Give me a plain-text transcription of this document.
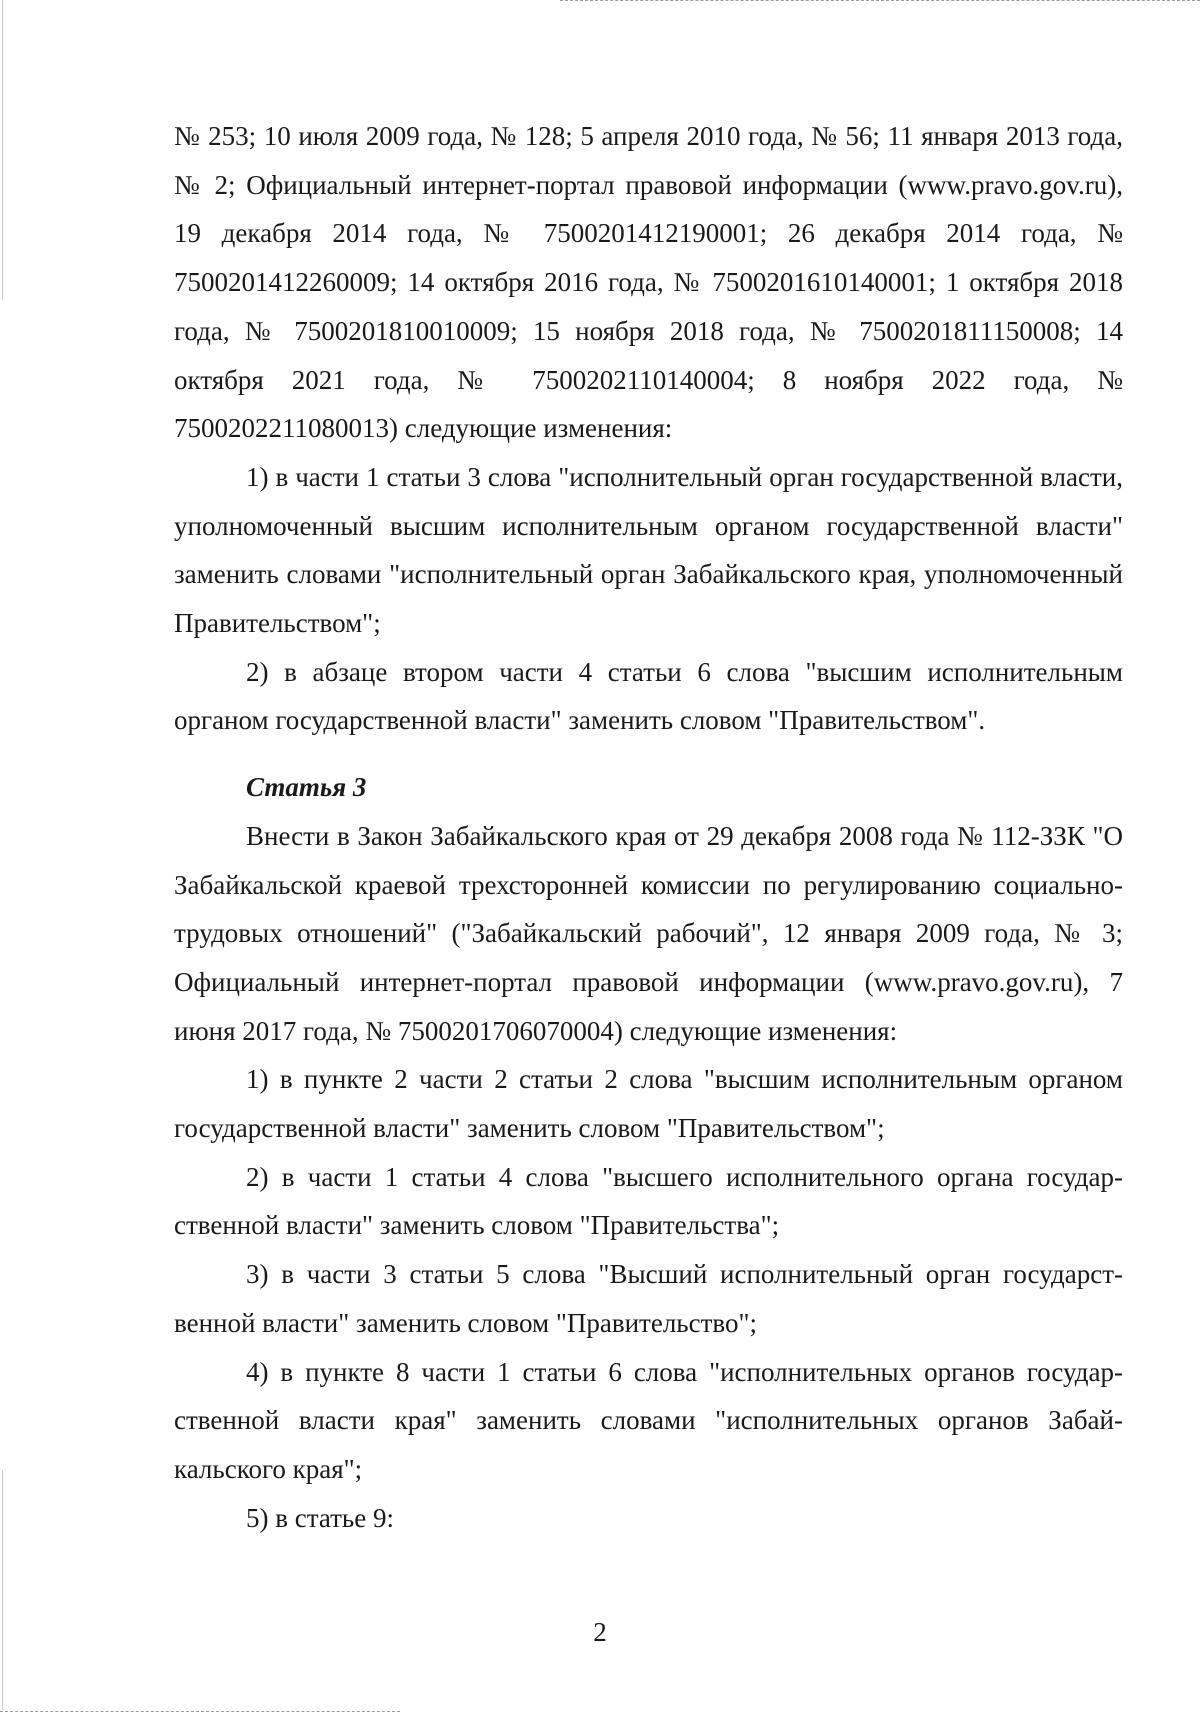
№ 253; 10 июля 2009 года, № 128; 5 апреля 2010 года, № 56; 11 января 2013 года, № 2; Официальный интернет-портал правовой информации (www.pravo.gov.ru), 19 декабря 2014 года, № 7500201412190001; 26 декабря 2014 года, № 7500201412260009; 14 октября 2016 года, № 7500201610140001; 1 октября 2018 года, № 7500201810010009; 15 ноября 2018 года, № 7500201811150008; 14 октября 2021 года, № 7500202110140004; 8 ноября 2022 года, № 7500202211080013) следующие изменения:

1) в части 1 статьи 3 слова "исполнительный орган государственной власти, уполномоченный высшим исполнительным органом государственной власти" заменить словами "исполнительный орган Забайкальского края, уполномоченный Правительством";

2) в абзаце втором части 4 статьи 6 слова "высшим исполнительным органом государственной власти" заменить словом "Правительством".

Статья 3

Внести в Закон Забайкальского края от 29 декабря 2008 года № 112-ЗЗК "О Забайкальской краевой трехсторонней комиссии по регулированию социально-трудовых отношений" ("Забайкальский рабочий", 12 января 2009 года, № 3; Официальный интернет-портал правовой информации (www.pravo.gov.ru), 7 июня 2017 года, № 7500201706070004) следующие изменения:

1) в пункте 2 части 2 статьи 2 слова "высшим исполнительным органом государственной власти" заменить словом "Правительством";

2) в части 1 статьи 4 слова "высшего исполнительного органа государственной власти" заменить словом "Правительства";

3) в части 3 статьи 5 слова "Высший исполнительный орган государственной власти" заменить словом "Правительство";

4) в пункте 8 части 1 статьи 6 слова "исполнительных органов государственной власти края" заменить словами "исполнительных органов Забайкальского края";

5) в статье 9:

2
